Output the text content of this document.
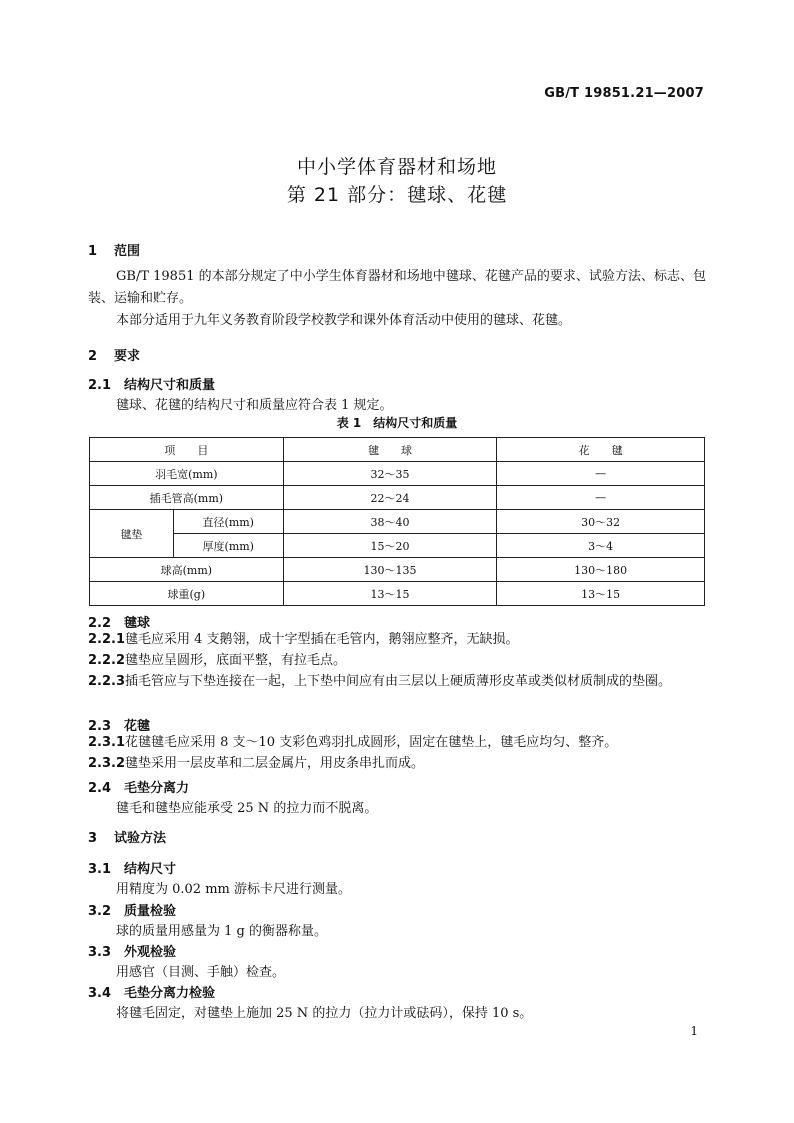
GB/T 19851.21—2007
中小学体育器材和场地
第 21 部分：毽球、花毽
1 范围
GB/T 19851 的本部分规定了中小学生体育器材和场地中毽球、花毽产品的要求、试验方法、标志、包装、运输和贮存。
本部分适用于九年义务教育阶段学校教学和课外体育活动中使用的毽球、花毽。
2 要求
2.1 结构尺寸和质量
毽球、花毽的结构尺寸和质量应符合表 1 规定。
表 1　结构尺寸和质量
项　　目		毽　　球	花　　毽
羽毛宽(mm)		32～35	—
插毛管高(mm)		22～24	—
毽垫	直径(mm)	38～40	30～32
	厚度(mm)	15～20	3～4
球高(mm)		130～135	130～180
球重(g)		13～15	13～15
2.2 毽球
2.2.1毽毛应采用 4 支鹅翎，成十字型插在毛管内，鹅翎应整齐，无缺损。
2.2.2毽垫应呈圆形，底面平整，有拉毛点。
2.2.3插毛管应与下垫连接在一起，上下垫中间应有由三层以上硬质薄形皮革或类似材质制成的垫圈。
2.3 花毽
2.3.1花毽毽毛应采用 8 支～10 支彩色鸡羽扎成圆形，固定在毽垫上，毽毛应均匀、整齐。
2.3.2毽垫采用一层皮革和二层金属片，用皮条串扎而成。
2.4 毛垫分离力
毽毛和毽垫应能承受 25 N 的拉力而不脱离。
3 试验方法
3.1 结构尺寸
用精度为 0.02 mm 游标卡尺进行测量。
3.2 质量检验
球的质量用感量为 1 g 的衡器称量。
3.3 外观检验
用感官（目测、手触）检查。
3.4 毛垫分离力检验
将毽毛固定，对毽垫上施加 25 N 的拉力（拉力计或砝码），保持 10 s。
1
